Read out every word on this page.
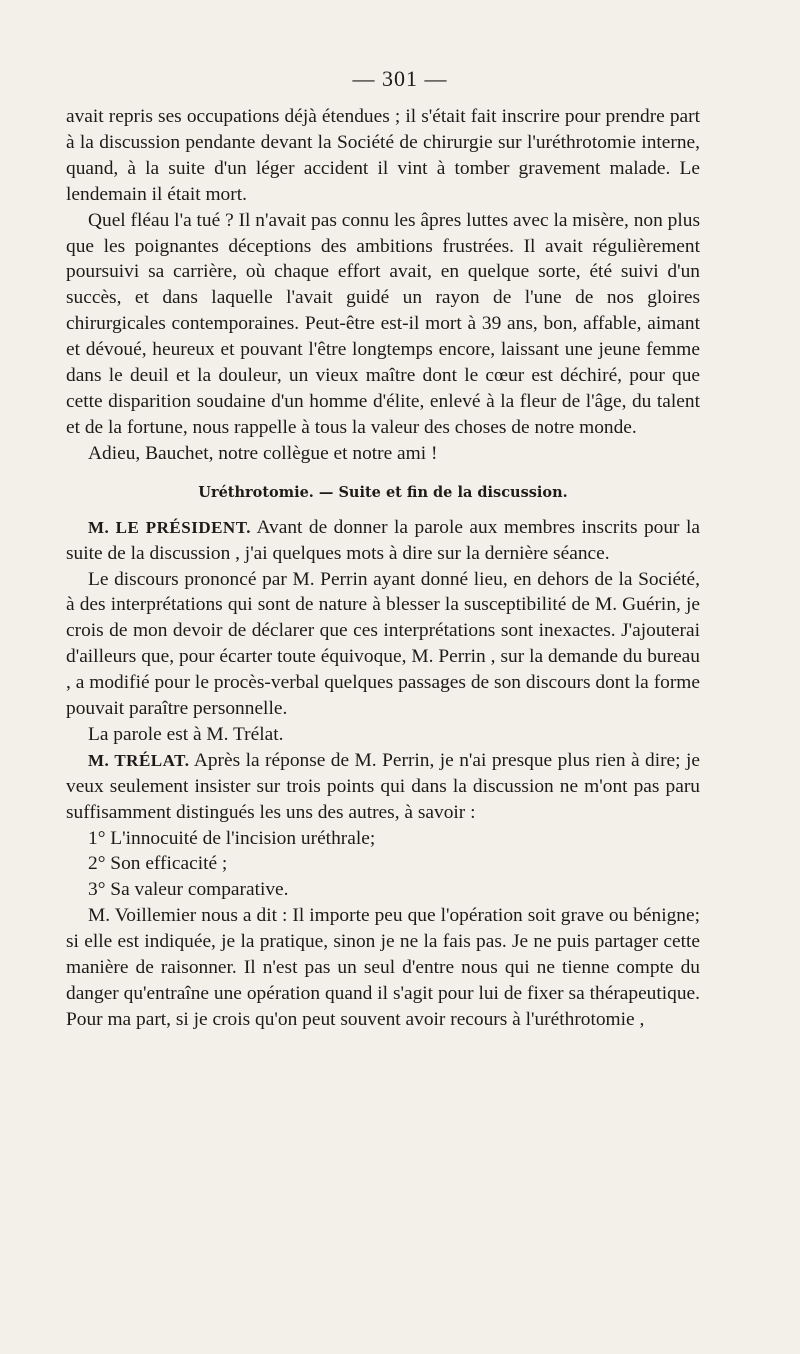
— 301 —

avait repris ses occupations déjà étendues ; il s'était fait inscrire pour prendre part à la discussion pendante devant la Société de chirurgie sur l'uréthrotomie interne, quand, à la suite d'un léger accident il vint à tomber gravement malade. Le lendemain il était mort.

Quel fléau l'a tué ? Il n'avait pas connu les âpres luttes avec la misère, non plus que les poignantes déceptions des ambitions frustrées. Il avait régulièrement poursuivi sa carrière, où chaque effort avait, en quelque sorte, été suivi d'un succès, et dans laquelle l'avait guidé un rayon de l'une de nos gloires chirurgicales contemporaines. Peut-être est-il mort à 39 ans, bon, affable, aimant et dévoué, heureux et pouvant l'être longtemps encore, laissant une jeune femme dans le deuil et la douleur, un vieux maître dont le cœur est déchiré, pour que cette disparition soudaine d'un homme d'élite, enlevé à la fleur de l'âge, du talent et de la fortune, nous rappelle à tous la valeur des choses de notre monde.

Adieu, Bauchet, notre collègue et notre ami !

Uréthrotomie. — Suite et fin de la discussion.

M. LE PRÉSIDENT. Avant de donner la parole aux membres inscrits pour la suite de la discussion , j'ai quelques mots à dire sur la dernière séance.

Le discours prononcé par M. Perrin ayant donné lieu, en dehors de la Société, à des interprétations qui sont de nature à blesser la susceptibilité de M. Guérin, je crois de mon devoir de déclarer que ces interprétations sont inexactes. J'ajouterai d'ailleurs que, pour écarter toute équivoque, M. Perrin , sur la demande du bureau , a modifié pour le procès-verbal quelques passages de son discours dont la forme pouvait paraître personnelle.

La parole est à M. Trélat.

M. TRÉLAT. Après la réponse de M. Perrin, je n'ai presque plus rien à dire; je veux seulement insister sur trois points qui dans la discussion ne m'ont pas paru suffisamment distingués les uns des autres, à savoir :

1° L'innocuité de l'incision uréthrale;

2° Son efficacité ;

3° Sa valeur comparative.

M. Voillemier nous a dit : Il importe peu que l'opération soit grave ou bénigne; si elle est indiquée, je la pratique, sinon je ne la fais pas. Je ne puis partager cette manière de raisonner. Il n'est pas un seul d'entre nous qui ne tienne compte du danger qu'entraîne une opération quand il s'agit pour lui de fixer sa thérapeutique. Pour ma part, si je crois qu'on peut souvent avoir recours à l'uréthrotomie ,
